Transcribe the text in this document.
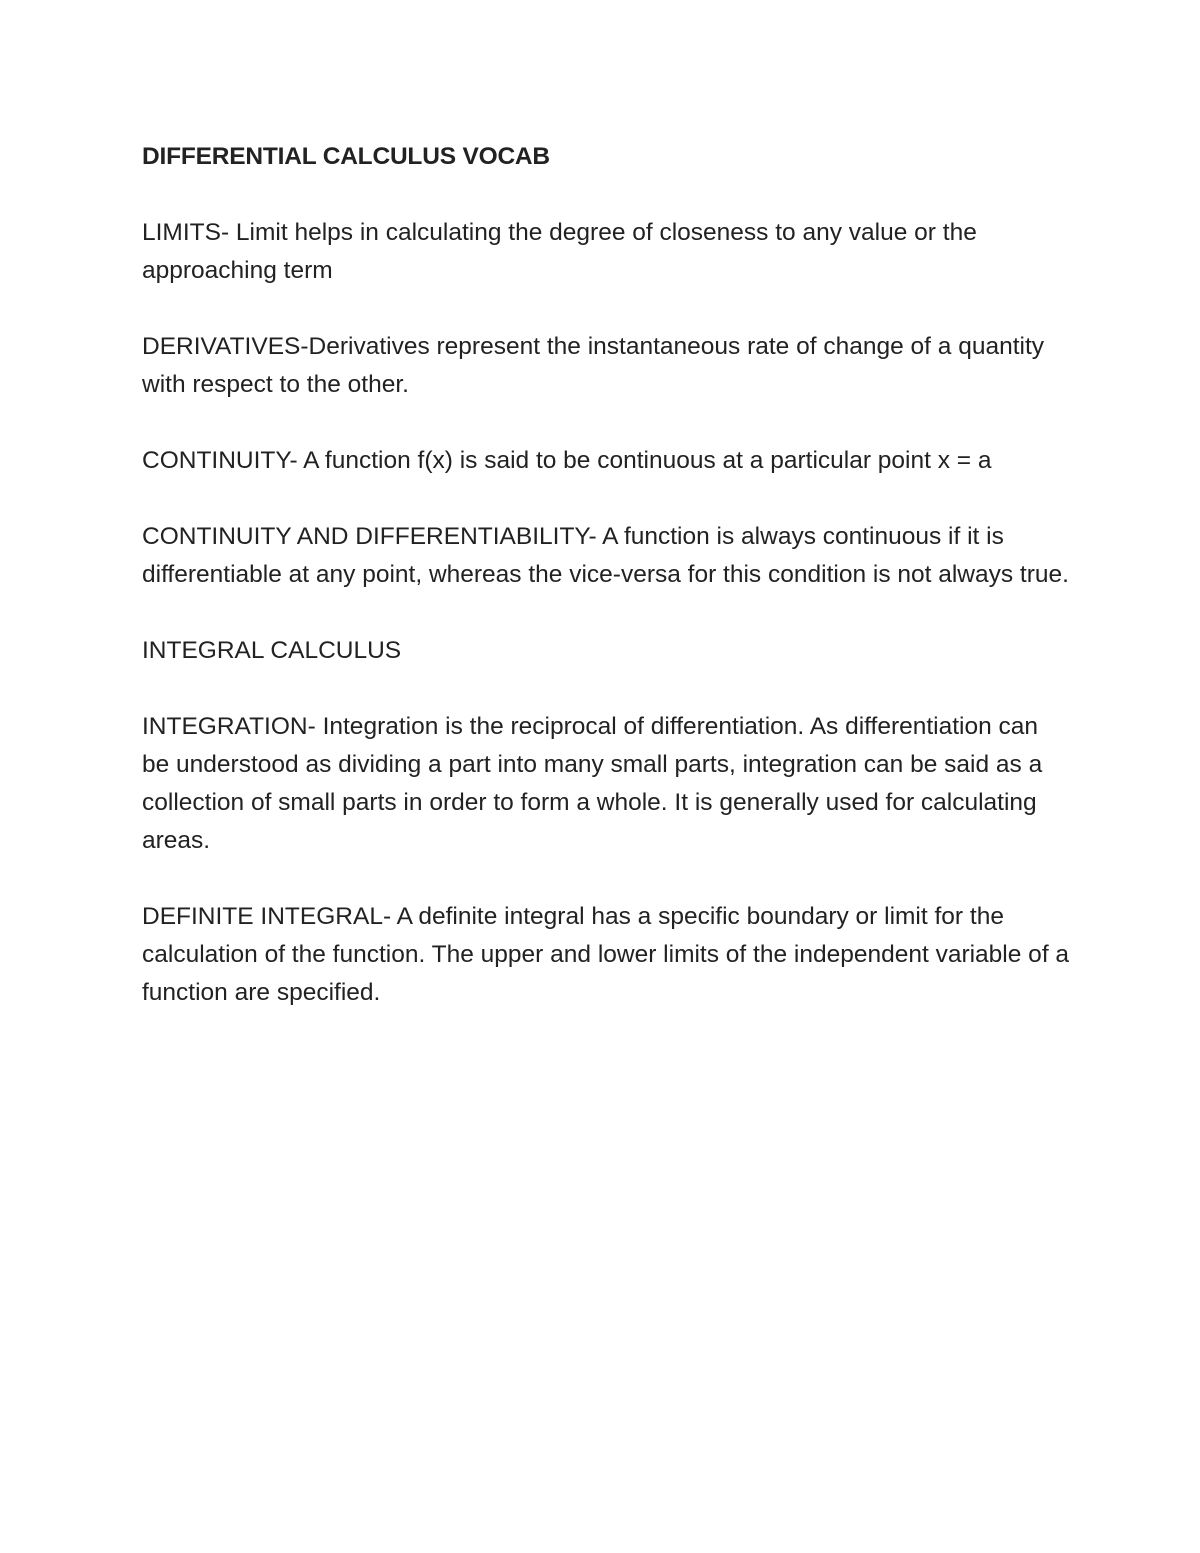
DIFFERENTIAL CALCULUS VOCAB
LIMITS- Limit helps in calculating the degree of closeness to any value or the approaching term
DERIVATIVES-Derivatives represent the instantaneous rate of change of a quantity with respect to the other.
CONTINUITY- A function f(x) is said to be continuous at a particular point x = a
CONTINUITY AND DIFFERENTIABILITY- A function is always continuous if it is differentiable at any point, whereas the vice-versa for this condition is not always true.
INTEGRAL CALCULUS
INTEGRATION- Integration is the reciprocal of differentiation. As differentiation can be understood as dividing a part into many small parts, integration can be said as a collection of small parts in order to form a whole. It is generally used for calculating areas.
DEFINITE INTEGRAL- A definite integral has a specific boundary or limit for the calculation of the function. The upper and lower limits of the independent variable of a function are specified.
